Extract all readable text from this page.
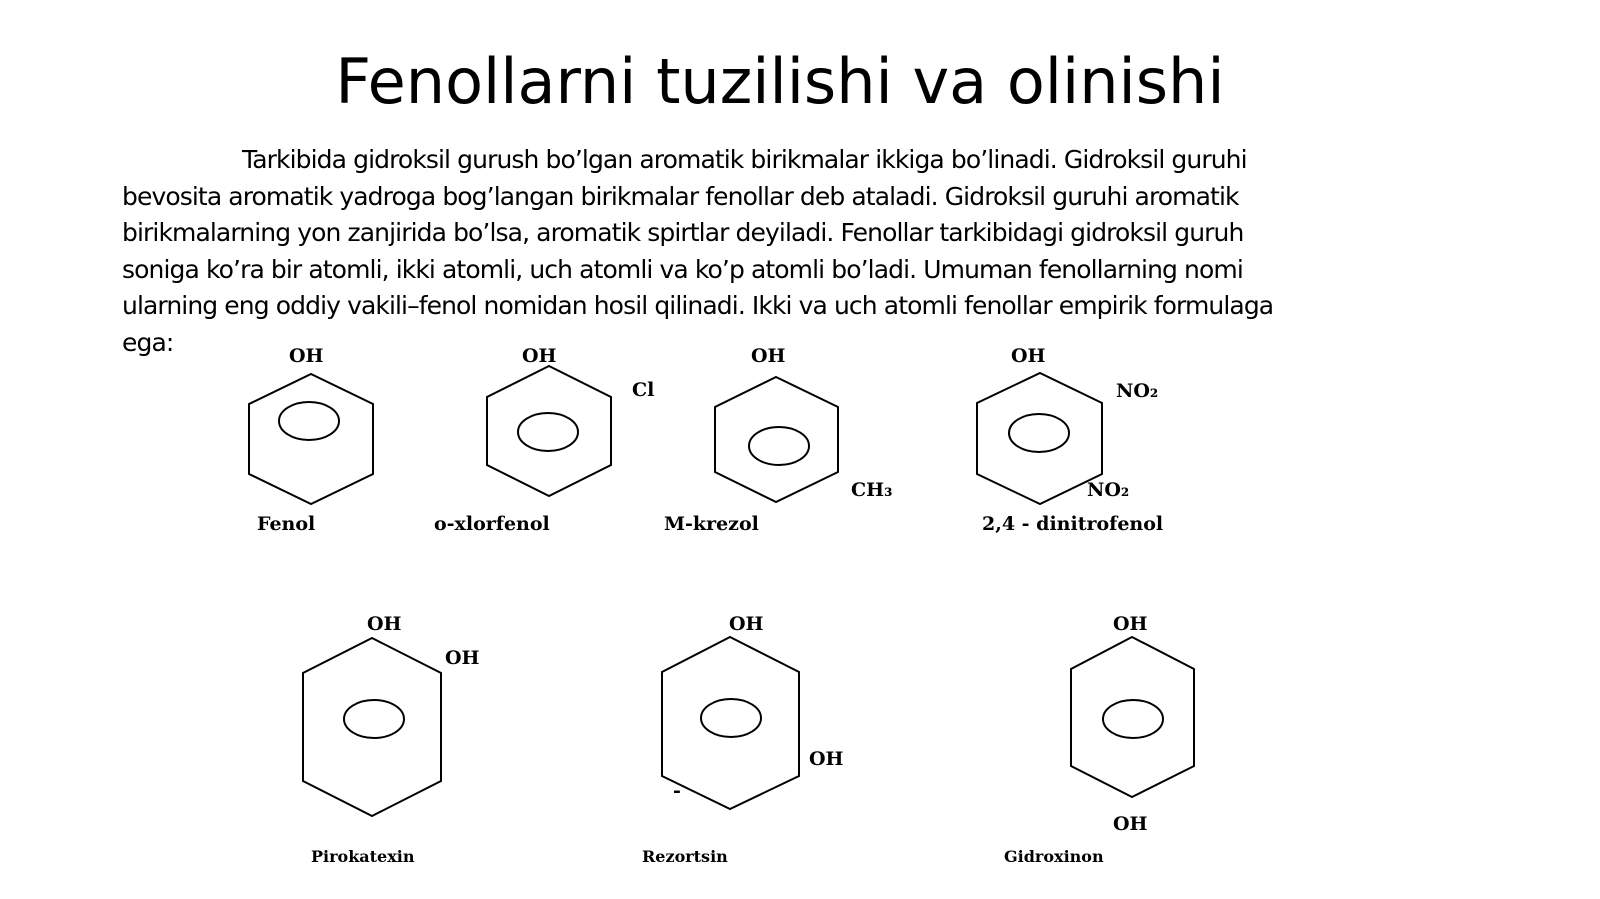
Fenollarni tuzilishi va olinishi
Tarkibida gidroksil gurush bo’lgan aromatik birikmalar ikkiga bo’linadi. Gidroksil guruhi
bevosita aromatik yadroga bog’langan birikmalar fenollar deb ataladi. Gidroksil guruhi aromatik
birikmalarning yon zanjirida bo’lsa, aromatik spirtlar deyiladi. Fenollar tarkibidagi gidroksil guruh
soniga ko’ra bir atomli, ikki atomli, uch atomli va ko’p atomli bo’ladi. Umuman fenollarning nomi
ularning eng oddiy vakili–fenol nomidan hosil qilinadi. Ikki va uch atomli fenollar empirik formulaga
ega:	OH
Fenol
OH
Cl
o-xlorfenol
OH
CH₃
M-krezol
OH
NO₂
NO₂
2,4 - dinitrofenol
OH
OH
Pirokatexin
OH
OH
-
Rezortsin
OH
OH
Gidroxinon
